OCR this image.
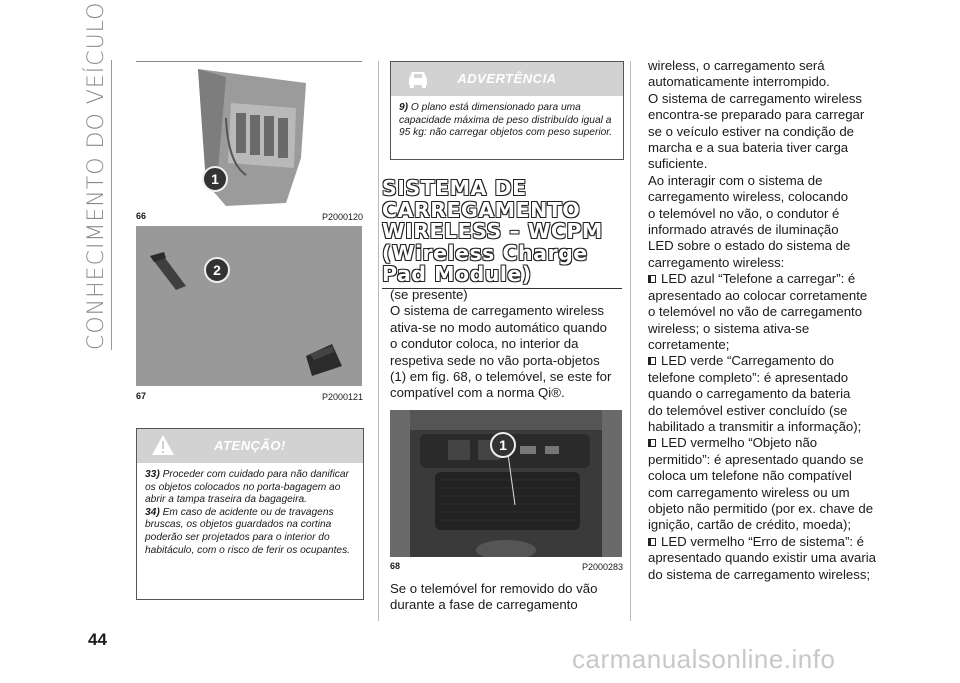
CONHECIMENTO DO VEÍCULO
44
1
66	P2000120
2
67	P2000121
ATENÇÃO!
33) Proceder com cuidado para não danificar os objetos colocados no porta-bagagem ao abrir a tampa traseira da bagageira.
34) Em caso de acidente ou de travagens bruscas, os objetos guardados na cortina poderão ser projetados para o interior do habitáculo, com o risco de ferir os ocupantes.
ADVERTÊNCIA
9) O plano está dimensionado para uma capacidade máxima de peso distribuído igual a 95 kg: não carregar objetos com peso superior.
SISTEMA DE
CARREGAMENTO
WIRELESS – WCPM
(Wireless Charge
Pad Module)
(se presente)
O sistema de carregamento wireless
ativa-se no modo automático quando
o condutor coloca, no interior da
respetiva sede no vão porta-objetos
(1) em fig. 68, o telemóvel, se este for
compatível com a norma Qi®.
1
68	P2000283
Se o telemóvel for removido do vão
durante a fase de carregamento
wireless, o carregamento será
automaticamente interrompido.
O sistema de carregamento wireless
encontra-se preparado para carregar
se o veículo estiver na condição de
marcha e a sua bateria tiver carga
suficiente.
Ao interagir com o sistema de
carregamento wireless, colocando
o telemóvel no vão, o condutor é
informado através de iluminação
LED sobre o estado do sistema de
carregamento wireless:
LED azul “Telefone a carregar”: é
apresentado ao colocar corretamente
o telemóvel no vão de carregamento
wireless; o sistema ativa-se
corretamente;
LED verde “Carregamento do
telefone completo”: é apresentado
quando o carregamento da bateria
do telemóvel estiver concluído (se
habilitado a transmitir a informação);
LED vermelho “Objeto não
permitido”: é apresentado quando se
coloca um telefone não compatível
com carregamento wireless ou um
objeto não permitido (por ex. chave de
ignição, cartão de crédito, moeda);
LED vermelho “Erro de sistema”: é
apresentado quando existir uma avaria
do sistema de carregamento wireless;
carmanualsonline.info
